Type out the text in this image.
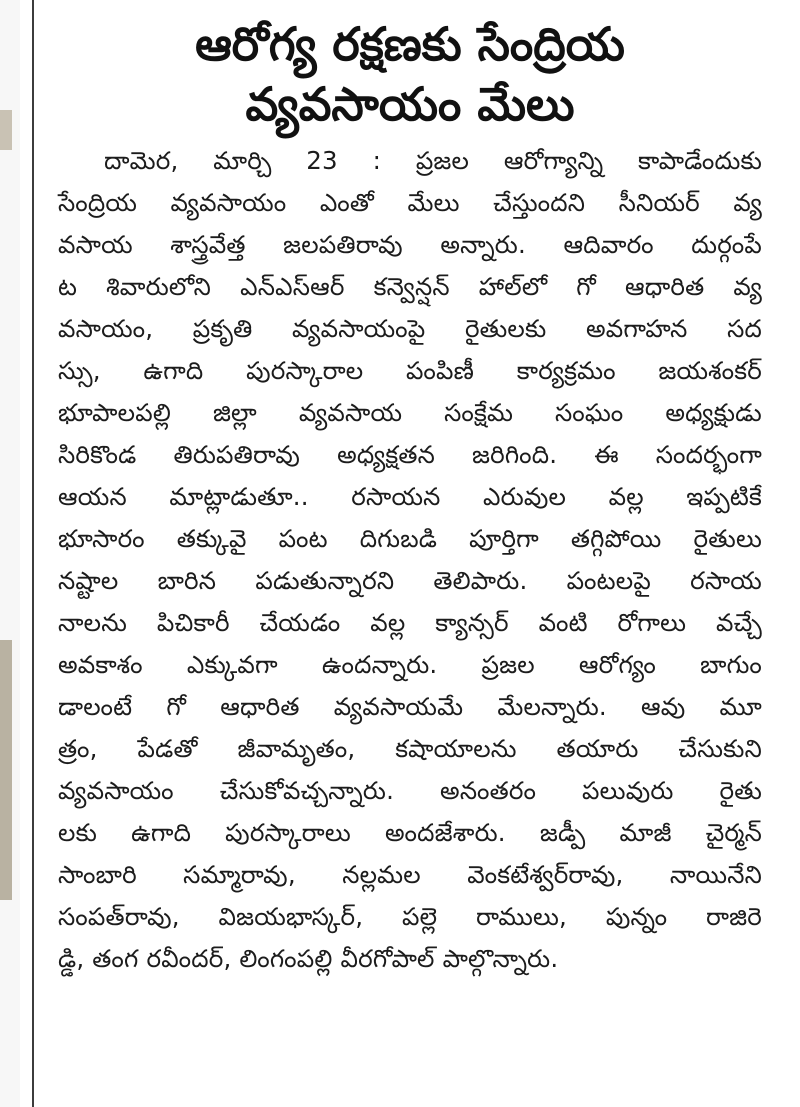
ఆరోగ్య రక్షణకు సేంద్రియ
వ్యవసాయం మేలు
దామెర, మార్చి 23 : ప్రజల ఆరోగ్యాన్ని కాపాడేందుకు
సేంద్రియ వ్యవసాయం ఎంతో మేలు చేస్తుందని సీనియర్ వ్య
వసాయ శాస్త్రవేత్త జలపతిరావు అన్నారు. ఆదివారం దుర్గంపే
ట శివారులోని ఎన్ఎస్ఆర్ కన్వెన్షన్ హాల్‌లో గో ఆధారిత వ్య
వసాయం, ప్రకృతి వ్యవసాయంపై రైతులకు అవగాహన సద
స్సు, ఉగాది పురస్కారాల పంపిణీ కార్యక్రమం జయశంకర్
భూపాలపల్లి జిల్లా వ్యవసాయ సంక్షేమ సంఘం అధ్యక్షుడు
సిరికొండ తిరుపతిరావు అధ్యక్షతన జరిగింది. ఈ సందర్భంగా
ఆయన మాట్లాడుతూ.. రసాయన ఎరువుల వల్ల ఇప్పటికే
భూసారం తక్కువై పంట దిగుబడి పూర్తిగా తగ్గిపోయి రైతులు
నష్టాల బారిన పడుతున్నారని తెలిపారు. పంటలపై రసాయ
నాలను పిచికారీ చేయడం వల్ల క్యాన్సర్ వంటి రోగాలు వచ్చే
అవకాశం ఎక్కువగా ఉందన్నారు. ప్రజల ఆరోగ్యం బాగుం
డాలంటే గో ఆధారిత వ్యవసాయమే మేలన్నారు. ఆవు మూ
త్రం, పేడతో జీవామృతం, కషాయాలను తయారు చేసుకుని
వ్యవసాయం చేసుకోవచ్చన్నారు. అనంతరం పలువురు రైతు
లకు ఉగాది పురస్కారాలు అందజేశారు. జడ్పీ మాజీ చైర్మన్
సాంబారి సమ్మారావు, నల్లమల వెంకటేశ్వర్‌రావు, నాయినేని
సంపత్‌రావు, విజయభాస్కర్, పల్లె రాములు, పున్నం రాజిరె
డ్డి, తంగ రవీందర్, లింగంపల్లి వీరగోపాల్ పాల్గొన్నారు.
